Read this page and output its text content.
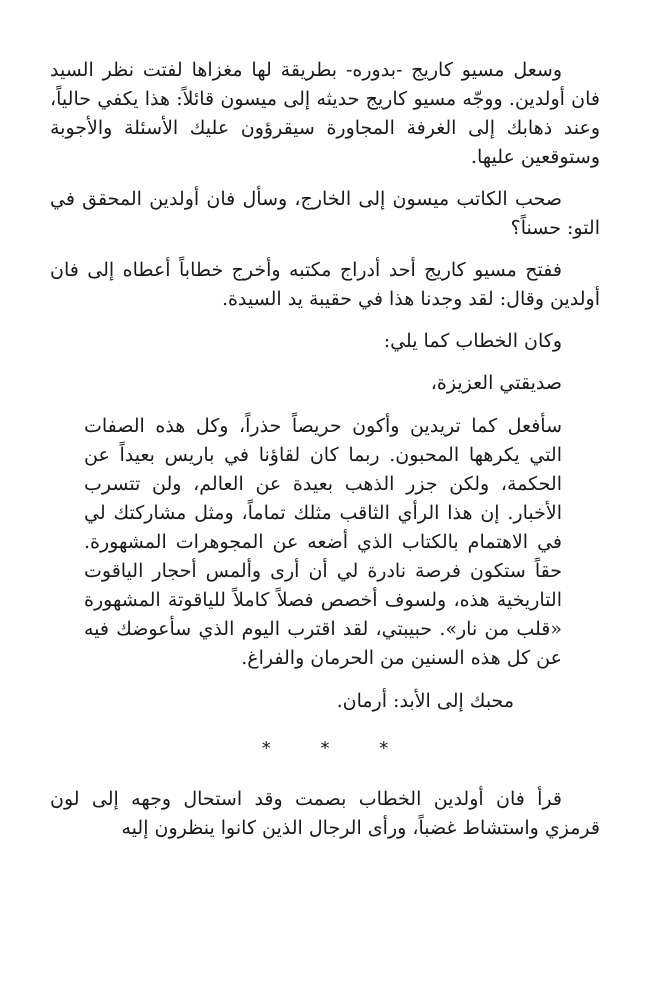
وسعل مسيو كاريج -بدوره- بطريقة لها مغزاها لفتت نظر السيد فان أولدين. ووجّه مسيو كاريج حديثه إلى ميسون قائلاً: هذا يكفي حالياً، وعند ذهابك إلى الغرفة المجاورة سيقرؤون عليك الأسئلة والأجوبة وستوقعين عليها.

صحب الكاتب ميسون إلى الخارج، وسأل فان أولدين المحقق في التو: حسناً؟

ففتح مسيو كاريج أحد أدراج مكتبه وأخرج خطاباً أعطاه إلى فان أولدين وقال: لقد وجدنا هذا في حقيبة يد السيدة.

وكان الخطاب كما يلي:

صديقتي العزيزة،

سأفعل كما تريدين وأكون حريصاً حذراً، وكل هذه الصفات التي يكرهها المحبون. ربما كان لقاؤنا في باريس بعيداً عن الحكمة، ولكن جزر الذهب بعيدة عن العالم، ولن تتسرب الأخبار. إن هذا الرأي الثاقب مثلك تماماً، ومثل مشاركتك لي في الاهتمام بالكتاب الذي أضعه عن المجوهرات المشهورة. حقاً ستكون فرصة نادرة لي أن أرى وألمس أحجار الياقوت التاريخية هذه، ولسوف أخصص فصلاً كاملاً للياقوتة المشهورة «قلب من نار». حبيبتي، لقد اقترب اليوم الذي سأعوضك فيه عن كل هذه السنين من الحرمان والفراغ.

محبك إلى الأبد: أرمان.

* * *

قرأ فان أولدين الخطاب بصمت وقد استحال وجهه إلى لون قرمزي واستشاط غضباً، ورأى الرجال الذين كانوا ينظرون إليه
